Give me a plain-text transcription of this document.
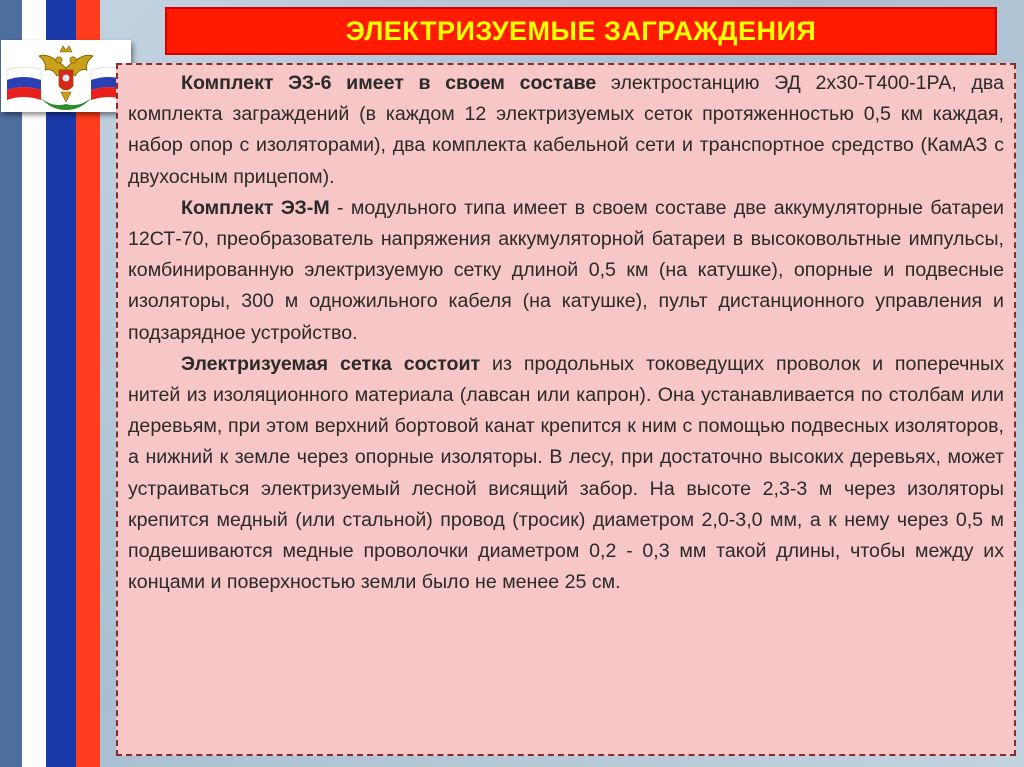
ЭЛЕКТРИЗУЕМЫЕ ЗАГРАЖДЕНИЯ

Комплект ЭЗ-6 имеет в своем составе электростанцию ЭД 2х30-Т400-1РА, два комплекта заграждений (в каждом 12 электризуемых сеток протяженностью 0,5 км каждая, набор опор с изоляторами), два комплекта кабельной сети и транспортное средство (КамАЗ с двухосным прицепом).

Комплект ЭЗ-М - модульного типа имеет в своем составе две аккумуляторные батареи 12СТ-70, преобразователь напряжения аккумуляторной батареи в высоковольтные импульсы, комбинированную электризуемую сетку длиной 0,5 км (на катушке), опорные и подвесные изоляторы, 300 м одножильного кабеля (на катушке), пульт дистанционного управления и подзарядное устройство.

Электризуемая сетка состоит из продольных токоведущих проволок и поперечных нитей из изоляционного материала (лавсан или капрон). Она устанавливается по столбам или деревьям, при этом верхний бортовой канат крепится к ним с помощью подвесных изоляторов, а нижний к земле через опорные изоляторы. В лесу, при достаточно высоких деревьях, может устраиваться электризуемый лесной висящий забор. На высоте 2,3-3 м через изоляторы крепится медный (или стальной) провод (тросик) диаметром 2,0-3,0 мм, а к нему через 0,5 м подвешиваются медные проволочки диаметром 0,2 - 0,3 мм такой длины, чтобы между их концами и поверхностью земли было не менее 25 см.
